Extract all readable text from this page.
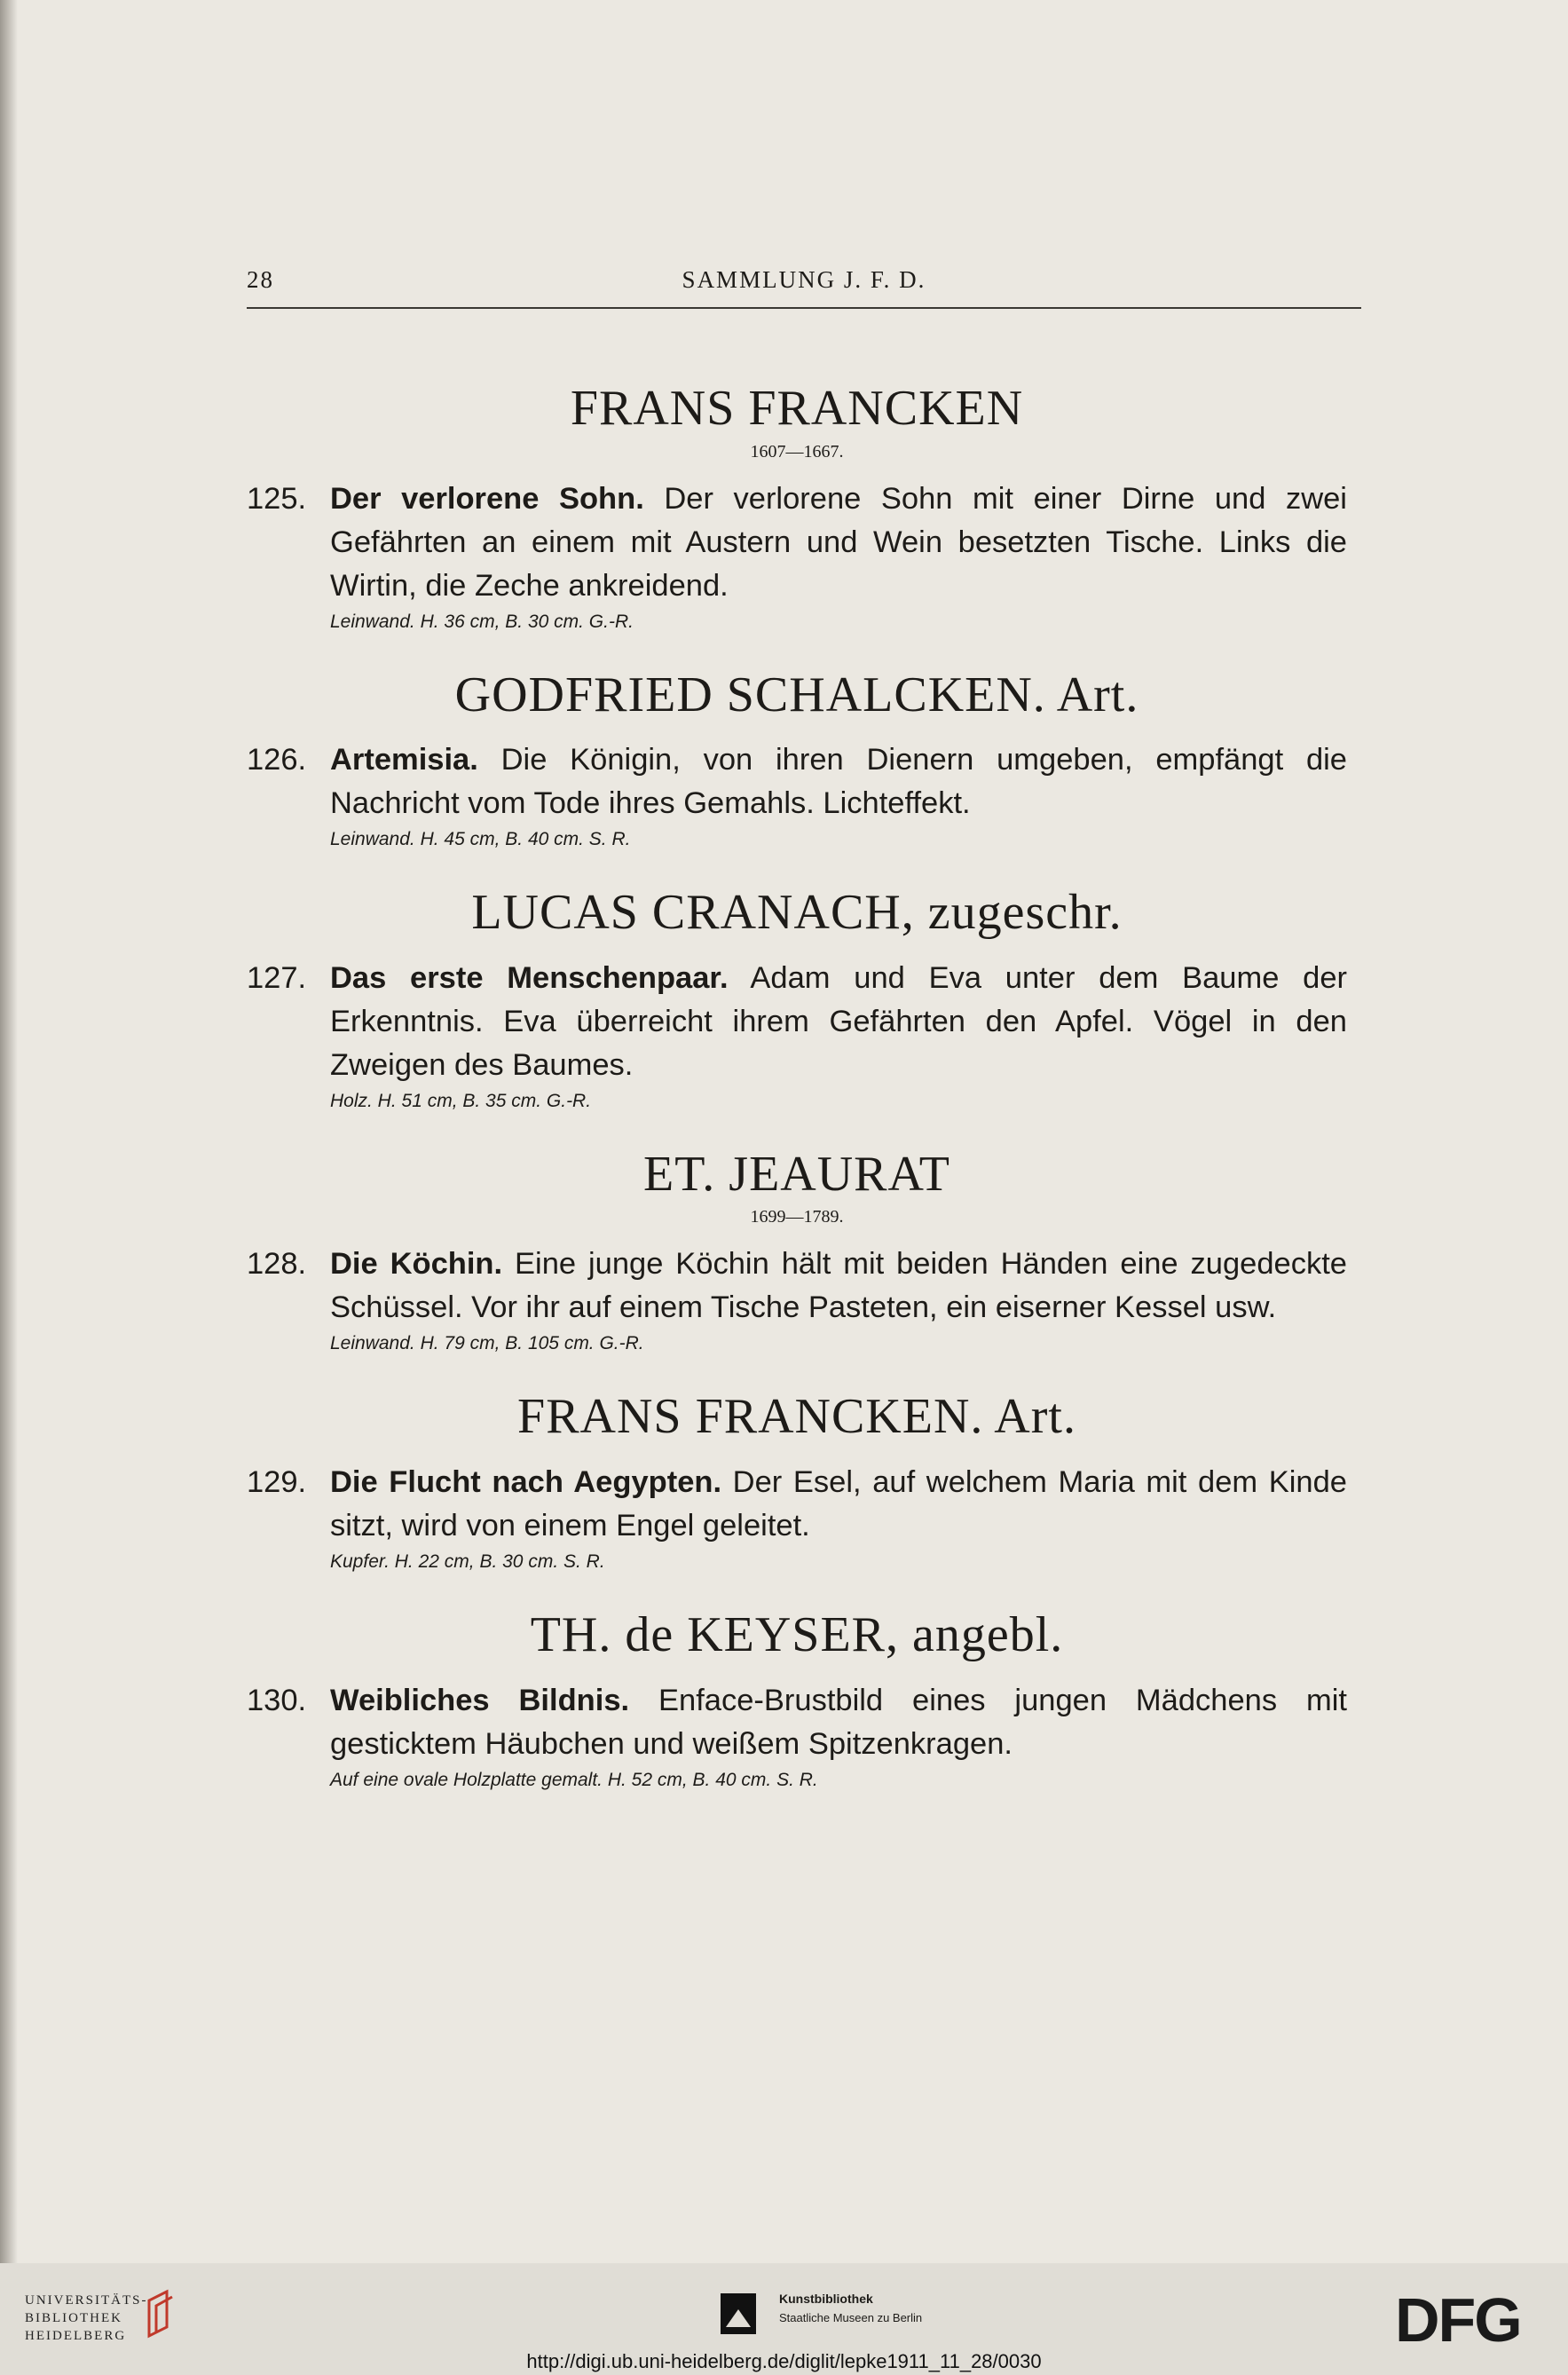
28	SAMMLUNG J. F. D.
FRANS FRANCKEN
1607—1667.
125. Der verlorene Sohn. Der verlorene Sohn mit einer Dirne und zwei Gefährten an einem mit Austern und Wein besetzten Tische. Links die Wirtin, die Zeche ankreidend.
Leinwand. H. 36 cm, B. 30 cm. G.-R.
GODFRIED SCHALCKEN. Art.
126. Artemisia. Die Königin, von ihren Dienern umgeben, empfängt die Nachricht vom Tode ihres Gemahls. Lichteffekt.
Leinwand. H. 45 cm, B. 40 cm. S. R.
LUCAS CRANACH, zugeschr.
127. Das erste Menschenpaar. Adam und Eva unter dem Baume der Erkenntnis. Eva überreicht ihrem Gefährten den Apfel. Vögel in den Zweigen des Baumes.
Holz. H. 51 cm, B. 35 cm. G.-R.
ET. JEAURAT
1699—1789.
128. Die Köchin. Eine junge Köchin hält mit beiden Händen eine zugedeckte Schüssel. Vor ihr auf einem Tische Pasteten, ein eiserner Kessel usw.
Leinwand. H. 79 cm, B. 105 cm. G.-R.
FRANS FRANCKEN. Art.
129. Die Flucht nach Aegypten. Der Esel, auf welchem Maria mit dem Kinde sitzt, wird von einem Engel geleitet.
Kupfer. H. 22 cm, B. 30 cm. S. R.
TH. de KEYSER, angebl.
130. Weibliches Bildnis. Enface-Brustbild eines jungen Mädchens mit gesticktem Häubchen und weißem Spitzenkragen.
Auf eine ovale Holzplatte gemalt. H. 52 cm, B. 40 cm. S. R.
UNIVERSITÄTS-
BIBLIOTHEK
HEIDELBERG
Kunstbibliothek
Staatliche Museen zu Berlin	DFG
http://digi.ub.uni-heidelberg.de/diglit/lepke1911_11_28/0030
